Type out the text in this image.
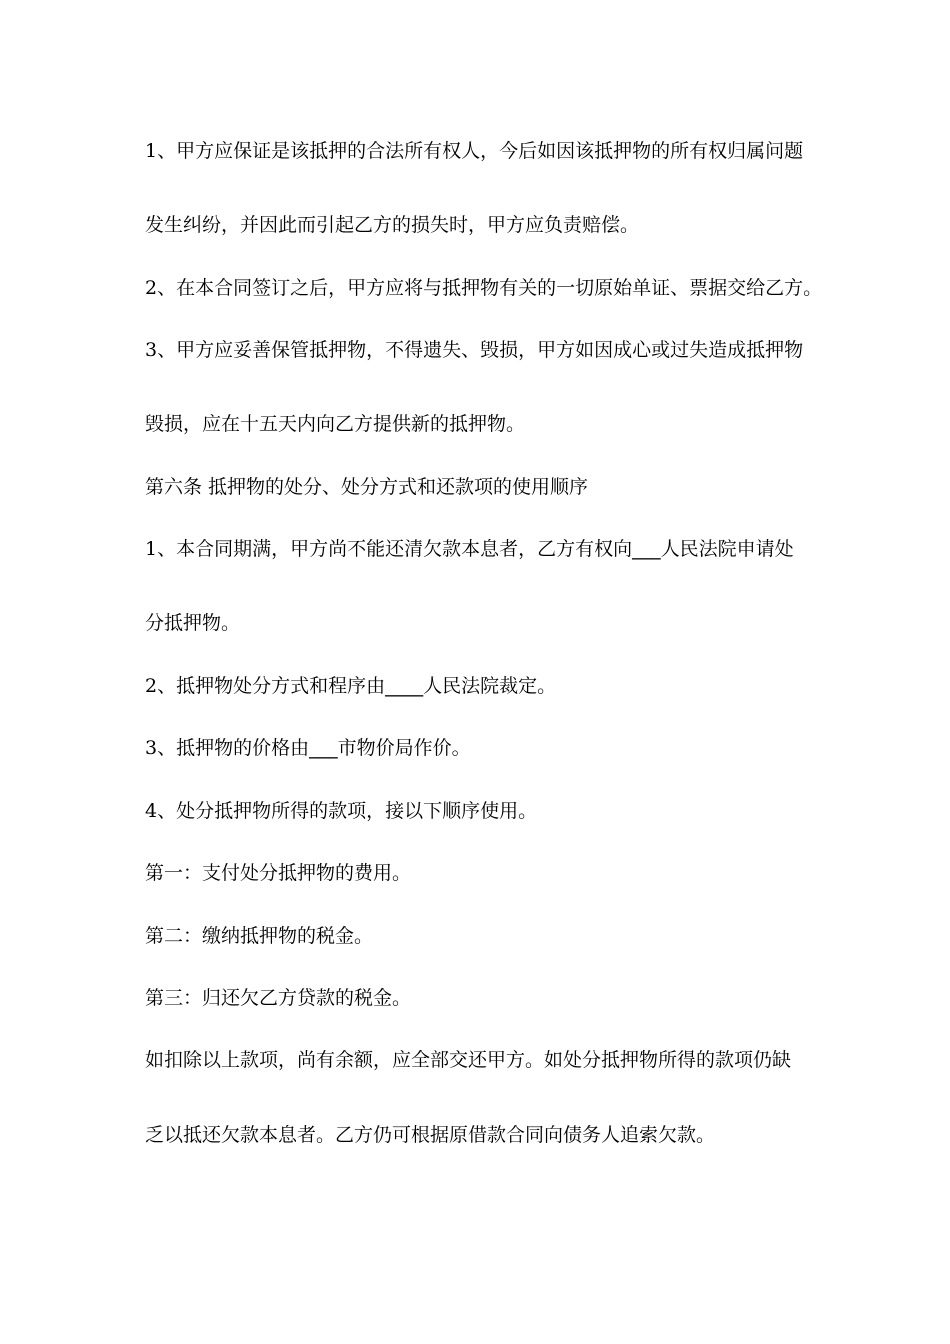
1、甲方应保证是该抵押的合法所有权人，今后如因该抵押物的所有权归属问题
发生纠纷，并因此而引起乙方的损失时，甲方应负责赔偿。
2、在本合同签订之后，甲方应将与抵押物有关的一切原始单证、票据交给乙方。
3、甲方应妥善保管抵押物，不得遗失、毁损，甲方如因成心或过失造成抵押物
毁损，应在十五天内向乙方提供新的抵押物。
第六条 抵押物的处分、处分方式和还款项的使用顺序
1、本合同期满，甲方尚不能还清欠款本息者，乙方有权向___人民法院申请处
分抵押物。
2、抵押物处分方式和程序由____人民法院裁定。
3、抵押物的价格由___市物价局作价。
4、处分抵押物所得的款项，接以下顺序使用。
第一：支付处分抵押物的费用。
第二：缴纳抵押物的税金。
第三：归还欠乙方贷款的税金。
如扣除以上款项，尚有余额，应全部交还甲方。如处分抵押物所得的款项仍缺
乏以抵还欠款本息者。乙方仍可根据原借款合同向债务人追索欠款。
